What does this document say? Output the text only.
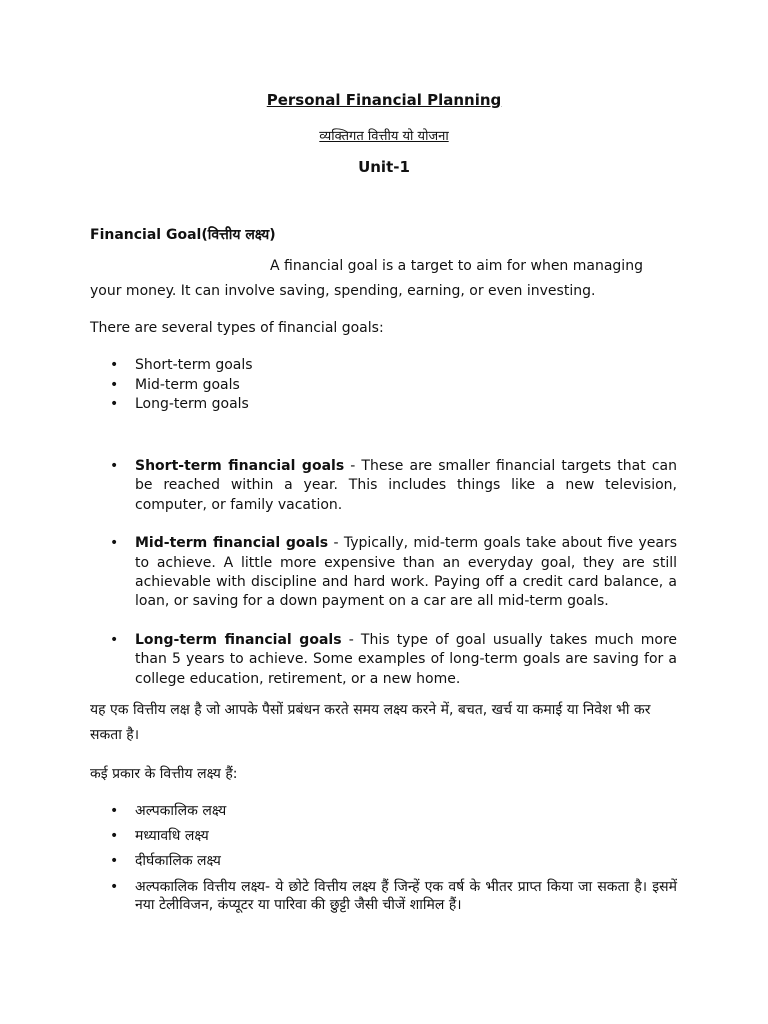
Personal Financial Planning
व्यक्तिगत वित्तीय यो योजना
Unit-1
Financial Goal(वित्तीय लक्ष्य)
A financial goal is a target to aim for when managing your money. It can involve saving, spending, earning, or even investing.
There are several types of financial goals:
• Short-term goals
• Mid-term goals
• Long-term goals
• Short-term financial goals - These are smaller financial targets that can be reached within a year. This includes things like a new television, computer, or family vacation.
• Mid-term financial goals - Typically, mid-term goals take about five years to achieve. A little more expensive than an everyday goal, they are still achievable with discipline and hard work. Paying off a credit card balance, a loan, or saving for a down payment on a car are all mid-term goals.
• Long-term financial goals - This type of goal usually takes much more than 5 years to achieve. Some examples of long-term goals are saving for a college education, retirement, or a new home.
यह एक वित्तीय लक्ष है जो आपके पैसों प्रबंधन करते समय लक्ष्य करने में, बचत, खर्च या कमाई या निवेश भी कर सकता है।
कई प्रकार के वित्तीय लक्ष्य हैं:
• अल्पकालिक लक्ष्य
• मध्यावधि लक्ष्य
• दीर्घकालिक लक्ष्य
• अल्पकालिक वित्तीय लक्ष्य- ये छोटे वित्तीय लक्ष्य हैं जिन्हें एक वर्ष के भीतर प्राप्त किया जा सकता है। इसमें नया टेलीविजन, कंप्यूटर या पारिवा की छुट्टी जैसी चीजें शामिल हैं।
